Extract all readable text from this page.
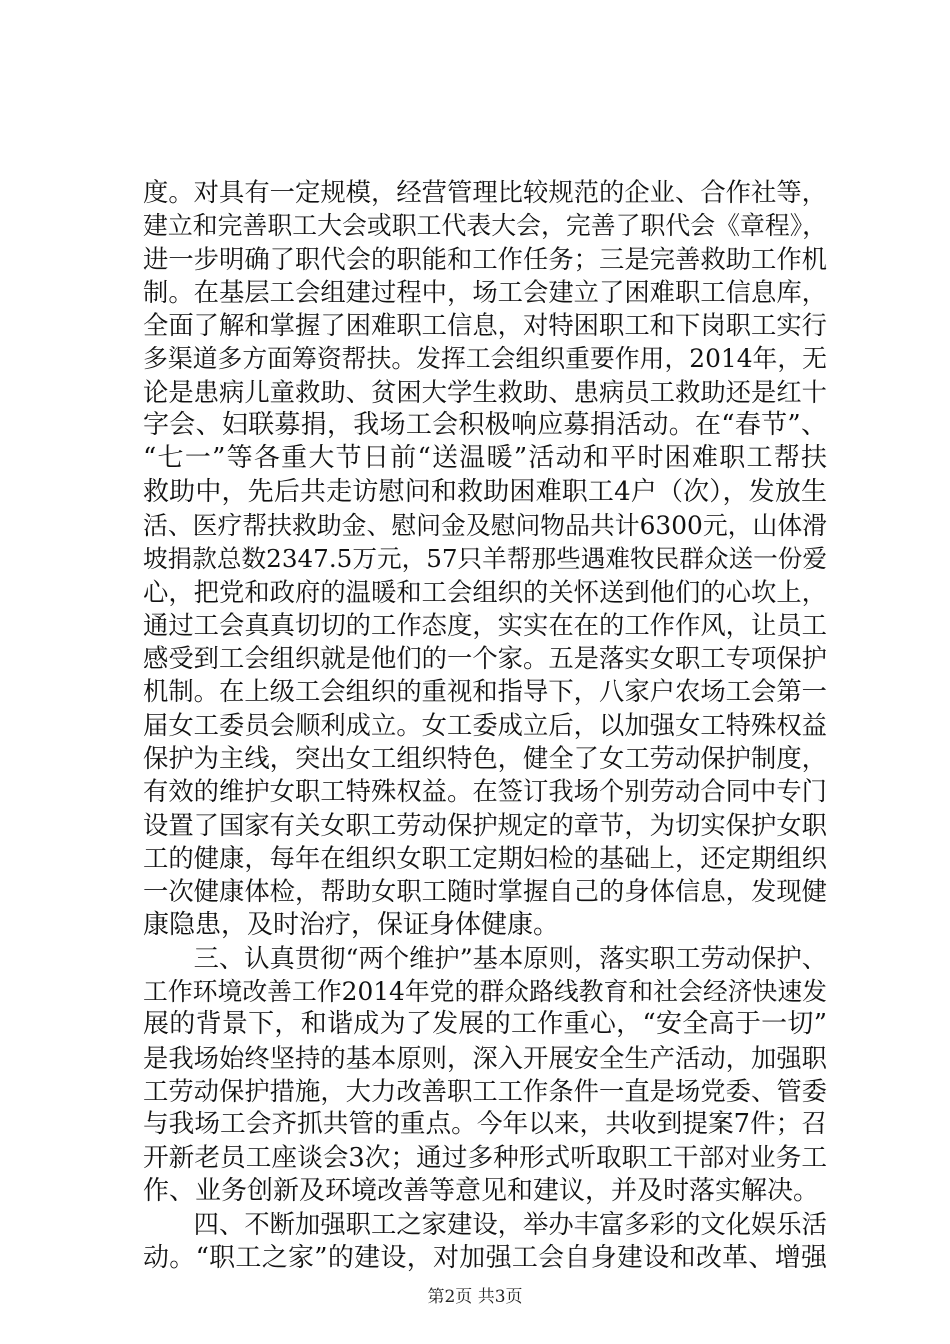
度。对具有一定规模，经营管理比较规范的企业、合作社等，
建立和完善职工大会或职工代表大会，完善了职代会《章程》，
进一步明确了职代会的职能和工作任务；三是完善救助工作机
制。在基层工会组建过程中，场工会建立了困难职工信息库，
全面了解和掌握了困难职工信息，对特困职工和下岗职工实行
多渠道多方面筹资帮扶。发挥工会组织重要作用，2014年，无
论是患病儿童救助、贫困大学生救助、患病员工救助还是红十
字会、妇联募捐，我场工会积极响应募捐活动。在“春节”、
“七一”等各重大节日前“送温暖”活动和平时困难职工帮扶
救助中，先后共走访慰问和救助困难职工4户（次），发放生
活、医疗帮扶救助金、慰问金及慰问物品共计6300元，山体滑
坡捐款总数2347.5万元，57只羊帮那些遇难牧民群众送一份爱
心，把党和政府的温暖和工会组织的关怀送到他们的心坎上，
通过工会真真切切的工作态度，实实在在的工作作风，让员工
感受到工会组织就是他们的一个家。五是落实女职工专项保护
机制。在上级工会组织的重视和指导下，八家户农场工会第一
届女工委员会顺利成立。女工委成立后，以加强女工特殊权益
保护为主线，突出女工组织特色，健全了女工劳动保护制度，
有效的维护女职工特殊权益。在签订我场个别劳动合同中专门
设置了国家有关女职工劳动保护规定的章节，为切实保护女职
工的健康，每年在组织女职工定期妇检的基础上，还定期组织
一次健康体检，帮助女职工随时掌握自己的身体信息，发现健
康隐患，及时治疗，保证身体健康。
　　三、认真贯彻“两个维护”基本原则，落实职工劳动保护、
工作环境改善工作2014年党的群众路线教育和社会经济快速发
展的背景下，和谐成为了发展的工作重心，“安全高于一切”
是我场始终坚持的基本原则，深入开展安全生产活动，加强职
工劳动保护措施，大力改善职工工作条件一直是场党委、管委
与我场工会齐抓共管的重点。今年以来，共收到提案7件；召
开新老员工座谈会3次；通过多种形式听取职工干部对业务工
作、业务创新及环境改善等意见和建议，并及时落实解决。
　　四、不断加强职工之家建设，举办丰富多彩的文化娱乐活
动。“职工之家”的建设，对加强工会自身建设和改革、增强
第2页 共3页
